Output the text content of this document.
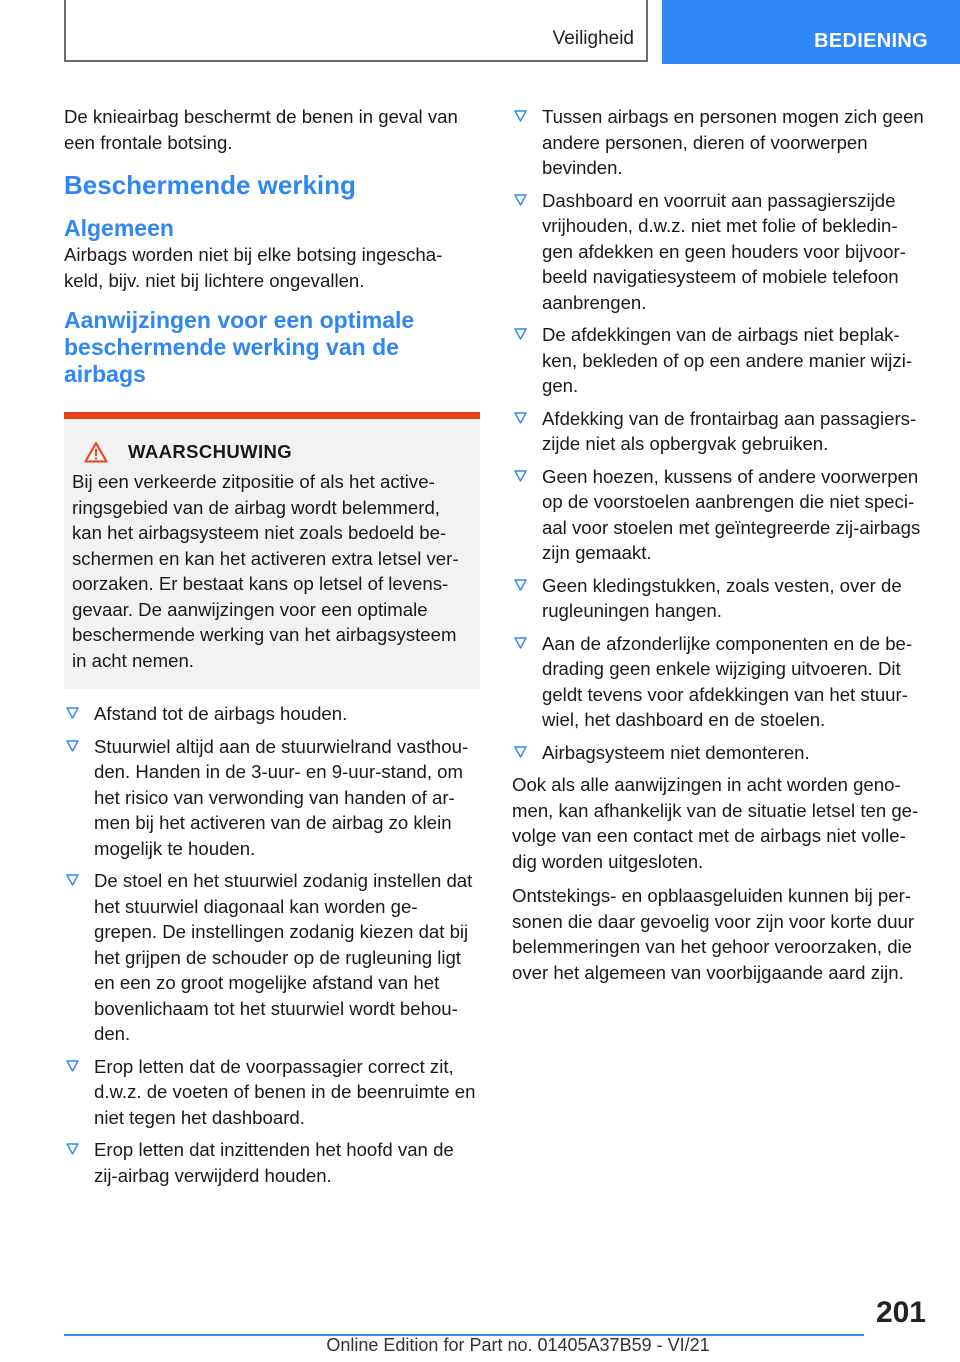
Veiligheid	BEDIENING

De knieairbag beschermt de benen in geval van een frontale botsing.

Beschermende werking
Algemeen

Airbags worden niet bij elke botsing ingescha-keld, bijv. niet bij lichtere ongevallen.

Aanwijzingen voor een optimale beschermende werking van de airbags
WAARSCHUWING

Bij een verkeerde zitpositie of als het active-ringsgebied van de airbag wordt belemmerd, kan het airbagsysteem niet zoals bedoeld be-schermen en kan het activeren extra letsel ver-oorzaken. Er bestaat kans op letsel of levens-gevaar. De aanwijzingen voor een optimale beschermende werking van het airbagsysteem in acht nemen.

Afstand tot de airbags houden.
Stuurwiel altijd aan de stuurwielrand vasthou-den. Handen in de 3-uur- en 9-uur-stand, om het risico van verwonding van handen of ar-men bij het activeren van de airbag zo klein mogelijk te houden.
De stoel en het stuurwiel zodanig instellen dat het stuurwiel diagonaal kan worden ge-grepen. De instellingen zodanig kiezen dat bij het grijpen de schouder op de rugleuning ligt en een zo groot mogelijke afstand van het bovenlichaam tot het stuurwiel wordt behou-den.
Erop letten dat de voorpassagier correct zit, d.w.z. de voeten of benen in de beenruimte en niet tegen het dashboard.
Erop letten dat inzittenden het hoofd van de zij-airbag verwijderd houden.
Tussen airbags en personen mogen zich geen andere personen, dieren of voorwerpen bevinden.
Dashboard en voorruit aan passagierszijde vrijhouden, d.w.z. niet met folie of bekledin-gen afdekken en geen houders voor bijvoor-beeld navigatiesysteem of mobiele telefoon aanbrengen.
De afdekkingen van de airbags niet beplak-ken, bekleden of op een andere manier wijzi-gen.
Afdekking van de frontairbag aan passagiers-zijde niet als opbergvak gebruiken.
Geen hoezen, kussens of andere voorwerpen op de voorstoelen aanbrengen die niet speci-aal voor stoelen met geïntegreerde zij-airbags zijn gemaakt.
Geen kledingstukken, zoals vesten, over de rugleuningen hangen.
Aan de afzonderlijke componenten en de be-drading geen enkele wijziging uitvoeren. Dit geldt tevens voor afdekkingen van het stuur-wiel, het dashboard en de stoelen.
Airbagsysteem niet demonteren.

Ook als alle aanwijzingen in acht worden geno-men, kan afhankelijk van de situatie letsel ten ge-volge van een contact met de airbags niet volle-dig worden uitgesloten.

Ontstekings- en opblaasgeluiden kunnen bij per-sonen die daar gevoelig voor zijn voor korte duur belemmeringen van het gehoor veroorzaken, die over het algemeen van voorbijgaande aard zijn.

201
Online Edition for Part no. 01405A37B59 - VI/21
